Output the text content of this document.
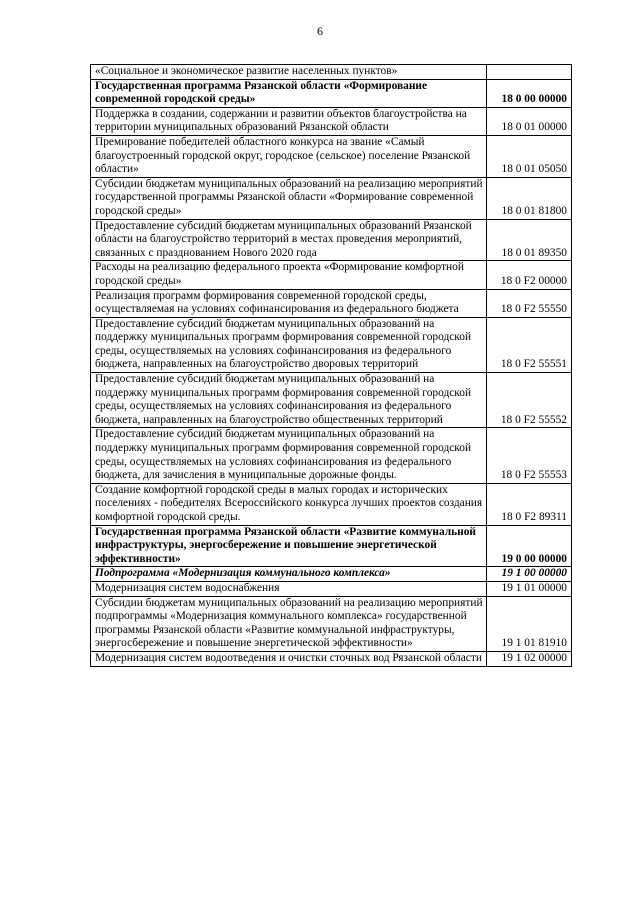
6
«Социальное и экономическое развитие населенных пунктов»	
Государственная программа Рязанской области «Формирование современной городской среды»	18 0 00 00000
Поддержка в создании, содержании и развитии объектов благоустройства на территории муниципальных образований Рязанской области	18 0 01 00000
Премирование победителей областного конкурса на звание «Самый благоустроенный городской округ, городское (сельское) поселение Рязанской области»	18 0 01 05050
Субсидии бюджетам муниципальных образований на реализацию мероприятий государственной программы Рязанской области «Формирование современной городской среды»	18 0 01 81800
Предоставление субсидий бюджетам муниципальных образований Рязанской области на благоустройство территорий в местах проведения мероприятий, связанных с празднованием Нового 2020 года	18 0 01 89350
Расходы на реализацию федерального проекта «Формирование комфортной городской среды»	18 0 F2 00000
Реализация программ формирования современной городской среды, осуществляемая на условиях софинансирования из федерального бюджета	18 0 F2 55550
Предоставление субсидий бюджетам муниципальных образований на поддержку муниципальных программ формирования современной городской среды, осуществляемых на условиях софинансирования из федерального бюджета, направленных на благоустройство дворовых территорий	18 0 F2 55551
Предоставление субсидий бюджетам муниципальных образований на поддержку муниципальных программ формирования современной городской среды, осуществляемых на условиях софинансирования из федерального бюджета, направленных на благоустройство общественных территорий	18 0 F2 55552
Предоставление субсидий бюджетам муниципальных образований на поддержку муниципальных программ формирования современной городской среды, осуществляемых на условиях софинансирования из федерального бюджета, для зачисления в муниципальные дорожные фонды.	18 0 F2 55553
Создание комфортной городской среды в малых городах и исторических поселениях - победителях Всероссийского конкурса лучших проектов создания комфортной городской среды.	18 0 F2 89311
Государственная программа Рязанской области «Развитие коммунальной инфраструктуры, энергосбережение и повышение энергетической эффективности»	19 0 00 00000
Подпрограмма «Модернизация коммунального комплекса»	19 1 00 00000
Модернизация систем водоснабжения	19 1 01 00000
Субсидии бюджетам муниципальных образований на реализацию мероприятий подпрограммы «Модернизация коммунального комплекса» государственной программы Рязанской области «Развитие коммунальной инфраструктуры, энергосбережение и повышение энергетической эффективности»	19 1 01 81910
Модернизация систем водоотведения и очистки сточных вод Рязанской области	19 1 02 00000
